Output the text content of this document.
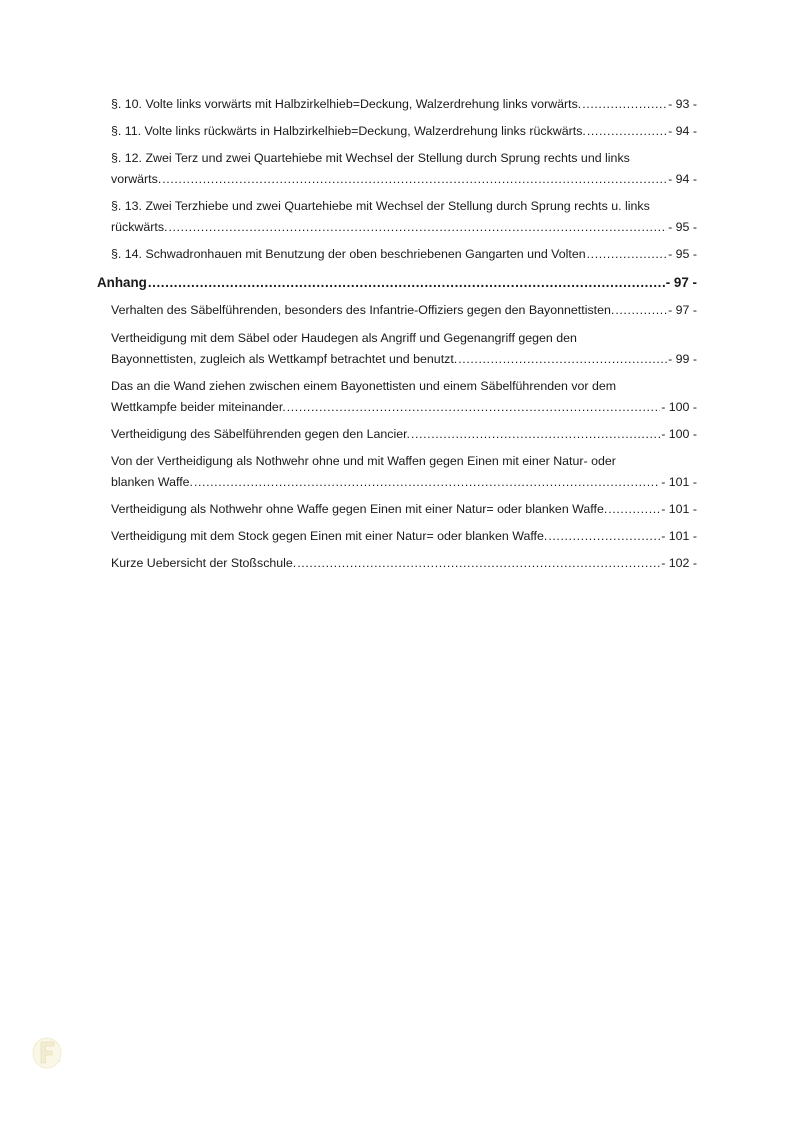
§. 10. Volte links vorwärts mit Halbzirkelhieb=Deckung, Walzerdrehung links vorwärts. .....	- 93 -
§. 11. Volte links rückwärts in Halbzirkelhieb=Deckung, Walzerdrehung links rückwärts. .....	- 94 -
§. 12. Zwei Terz und zwei Quartehiebe mit Wechsel der Stellung durch Sprung rechts und links
vorwärts. .....	- 94 -
§. 13. Zwei Terzhiebe und zwei Quartehiebe mit Wechsel der Stellung durch Sprung rechts u. links
rückwärts. .....	- 95 -
§. 14. Schwadronhauen mit Benutzung der oben beschriebenen Gangarten und Volten .....	- 95 -
Anhang .....	- 97 -
Verhalten des Säbelführenden, besonders des Infantrie-Offiziers gegen den Bayonnettisten. .....	- 97 -
Vertheidigung mit dem Säbel oder Haudegen als Angriff und Gegenangriff gegen den
Bayonnettisten, zugleich als Wettkampf betrachtet und benutzt. .....	- 99 -
Das an die Wand ziehen zwischen einem Bayonettisten und einem Säbelführenden vor dem
Wettkampfe beider miteinander. .....	- 100 -
Vertheidigung des Säbelführenden gegen den Lancier. .....	- 100 -
Von der Vertheidigung als Nothwehr ohne und mit Waffen gegen Einen mit einer Natur- oder
blanken Waffe. .....	- 101 -
Vertheidigung als Nothwehr ohne Waffe gegen Einen mit einer Natur= oder blanken Waffe. .....	- 101 -
Vertheidigung mit dem Stock gegen Einen mit einer Natur= oder blanken Waffe. .....	- 101 -
Kurze Uebersicht der Stoßschule. .....	- 102 -
